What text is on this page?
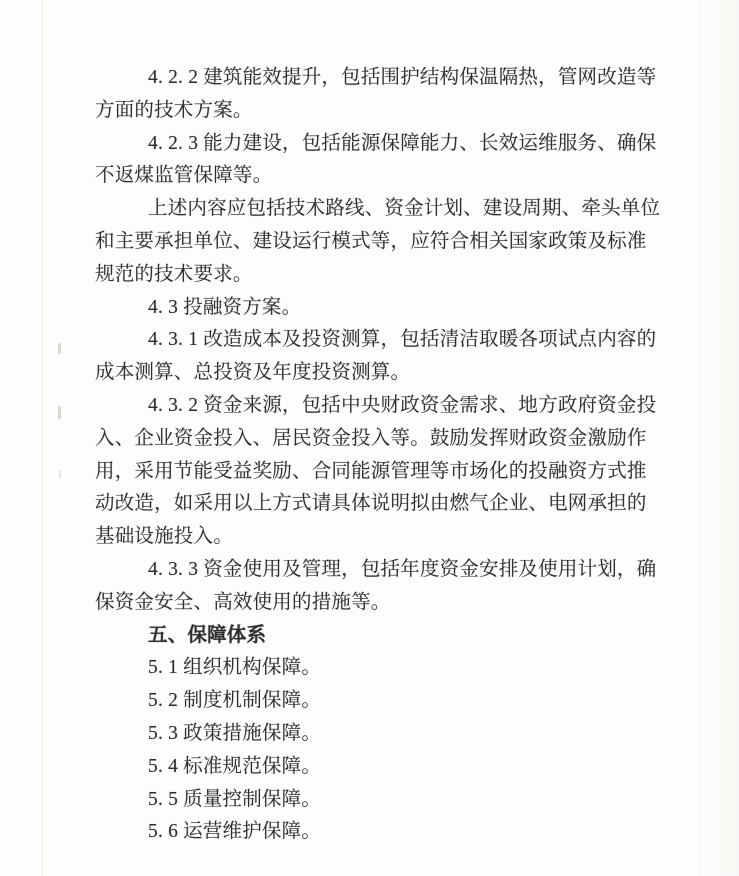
4. 2. 2 建筑能效提升，包括围护结构保温隔热，管网改造等
方面的技术方案。
4. 2. 3 能力建设，包括能源保障能力、长效运维服务、确保
不返煤监管保障等。
上述内容应包括技术路线、资金计划、建设周期、牵头单位
和主要承担单位、建设运行模式等，应符合相关国家政策及标准
规范的技术要求。
4. 3 投融资方案。
4. 3. 1 改造成本及投资测算，包括清洁取暖各项试点内容的
成本测算、总投资及年度投资测算。
4. 3. 2 资金来源，包括中央财政资金需求、地方政府资金投
入、企业资金投入、居民资金投入等。鼓励发挥财政资金激励作
用，采用节能受益奖励、合同能源管理等市场化的投融资方式推
动改造，如采用以上方式请具体说明拟由燃气企业、电网承担的
基础设施投入。
4. 3. 3 资金使用及管理，包括年度资金安排及使用计划，确
保资金安全、高效使用的措施等。
五、保障体系
5. 1 组织机构保障。
5. 2 制度机制保障。
5. 3 政策措施保障。
5. 4 标准规范保障。
5. 5 质量控制保障。
5. 6 运营维护保障。
